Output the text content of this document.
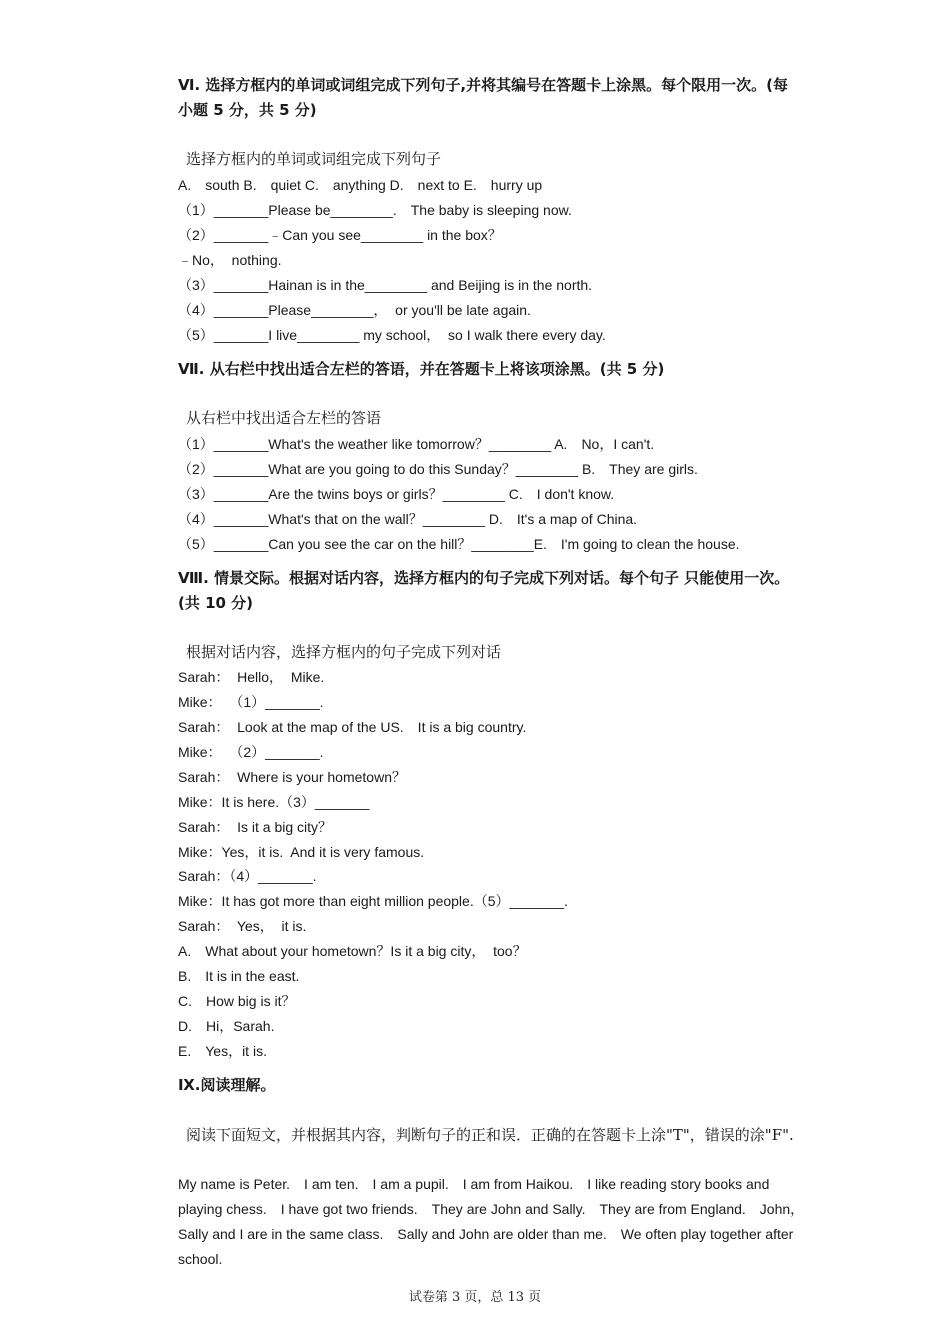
Ⅵ. 选择方框内的单词或词组完成下列句子,并将其编号在答题卡上涂黑。每个限用一次。(每小题 5 分，共 5 分)
选择方框内的单词或词组完成下列句子
A.　south B.　quiet C.　anything D.　next to E.　hurry up
（1）_______Please be________.　The baby is sleeping now.
（2）_______﹣Can you see________ in the box？
﹣No，  nothing.
（3）_______Hainan is in the________ and Beijing is in the north.
（4）_______Please________，  or you'll be late again.
（5）_______I live________ my school，  so I walk there every day.
Ⅶ. 从右栏中找出适合左栏的答语，并在答题卡上将该项涂黑。(共 5 分)
从右栏中找出适合左栏的答语
（1）_______What's the weather like tomorrow？________ A.　No，I can't.
（2）_______What are you going to do this Sunday？________ B.　They are girls.
（3）_______Are the twins boys or girls？________ C.　I don't know.
（4）_______What's that on the wall？________ D.　It's a map of China.
（5）_______Can you see the car on the hill？________E.　I'm going to clean the house.
Ⅷ. 情景交际。根据对话内容，选择方框内的句子完成下列对话。每个句子 只能使用一次。(共 10 分)
根据对话内容，选择方框内的句子完成下列对话
Sarah：  Hello，  Mike.
Mike：  （1）_______.
Sarah：  Look at the map of the US.　It is a big country.
Mike：  （2）_______.
Sarah：  Where is your hometown？
Mike：It is here.（3）_______
Sarah：  Is it a big city？
Mike：Yes，it is.  And it is very famous.
Sarah：（4）_______.
Mike：It has got more than eight million people.（5）_______.
Sarah：  Yes，  it is.
A.　What about your hometown？Is it a big city，  too？
B.　It is in the east.
C.　How big is it？
D.　Hi，Sarah.
E.　Yes，it is.
Ⅸ.阅读理解。
阅读下面短文，并根据其内容，判断句子的正和误．正确的在答题卡上涂"T"，错误的涂"F".
My name is Peter.　I am ten.　I am a pupil.　I am from Haikou.　I like reading story books and playing chess.　I have got two friends.　They are John and Sally.　They are from England.　John， Sally and I are in the same class.　Sally and John are older than me.　We often play together after school.
试卷第 3 页，总 13 页
